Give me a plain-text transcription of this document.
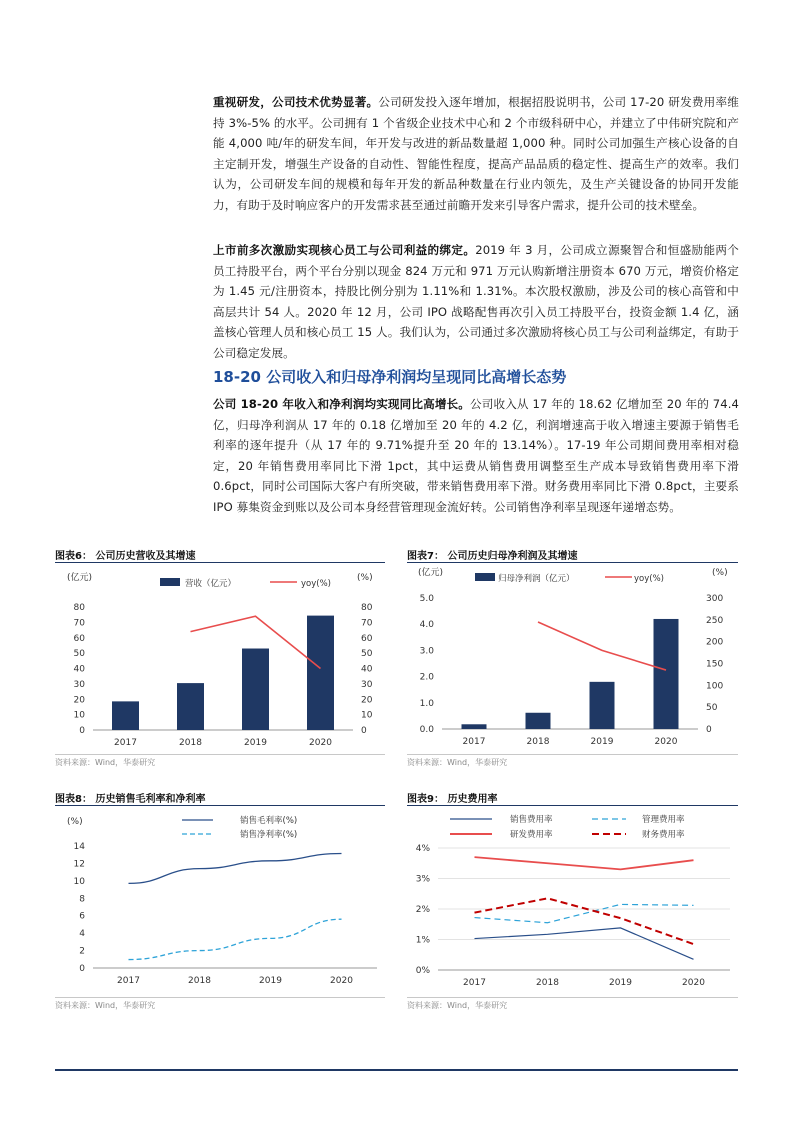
重视研发，公司技术优势显著。公司研发投入逐年增加，根据招股说明书，公司 17-20 研发费用率维持 3%-5% 的水平。公司拥有 1 个省级企业技术中心和 2 个市级科研中心，并建立了中伟研究院和产能 4,000 吨/年的研发车间，年开发与改进的新品数量超 1,000 种。同时公司加强生产核心设备的自主定制开发，增强生产设备的自动性、智能性程度，提高产品品质的稳定性、提高生产的效率。我们认为，公司研发车间的规模和每年开发的新品种数量在行业内领先，及生产关键设备的协同开发能力，有助于及时响应客户的开发需求甚至通过前瞻开发来引导客户需求，提升公司的技术壁垒。
上市前多次激励实现核心员工与公司利益的绑定。2019 年 3 月，公司成立源聚智合和恒盛励能两个员工持股平台，两个平台分别以现金 824 万元和 971 万元认购新增注册资本 670 万元，增资价格定为 1.45 元/注册资本，持股比例分别为 1.11%和 1.31%。本次股权激励，涉及公司的核心高管和中高层共计 54 人。2020 年 12 月，公司 IPO 战略配售再次引入员工持股平台，投资金额 1.4 亿，涵盖核心管理人员和核心员工 15 人。我们认为，公司通过多次激励将核心员工与公司利益绑定，有助于公司稳定发展。
18-20 公司收入和归母净利润均呈现同比高增长态势
公司 18-20 年收入和净利润均实现同比高增长。公司收入从 17 年的 18.62 亿增加至 20 年的 74.4 亿，归母净利润从 17 年的 0.18 亿增加至 20 年的 4.2 亿，利润增速高于收入增速主要源于销售毛利率的逐年提升（从 17 年的 9.71%提升至 20 年的 13.14%）。17-19 年公司期间费用率相对稳定，20 年销售费用率同比下滑 1pct，其中运费从销售费用调整至生产成本导致销售费用率下滑 0.6pct，同时公司国际大客户有所突破，带来销售费用率下滑。财务费用率同比下滑 0.8pct，主要系 IPO 募集资金到账以及公司本身经营管理现金流好转。公司销售净利率呈现逐年递增态势。
图表6： 公司历史营收及其增速
(亿元)	(%)
营收（亿元）	yoy(%)
0
10
20
30
40
50
60
70
80
0
10
20
30
40
50
60
70
80
2017	2018	2019	2020
资料来源：Wind，华泰研究
图表7： 公司历史归母净利润及其增速
(亿元)	(%)
归母净利润（亿元）	yoy(%)
0.0
1.0
2.0
3.0
4.0
5.0
0
50
100
150
200
250
300
2017	2018	2019	2020
资料来源：Wind，华泰研究
图表8： 历史销售毛利率和净利率
(%)	销售毛利率(%)
销售净利率(%)
0
2
4
6
8
10
12
14
2017	2018	2019	2020
资料来源：Wind，华泰研究
图表9： 历史费用率
销售费用率	管理费用率
研发费用率	财务费用率
0%
1%
2%
3%
4%
2017	2018	2019	2020
资料来源：Wind，华泰研究
